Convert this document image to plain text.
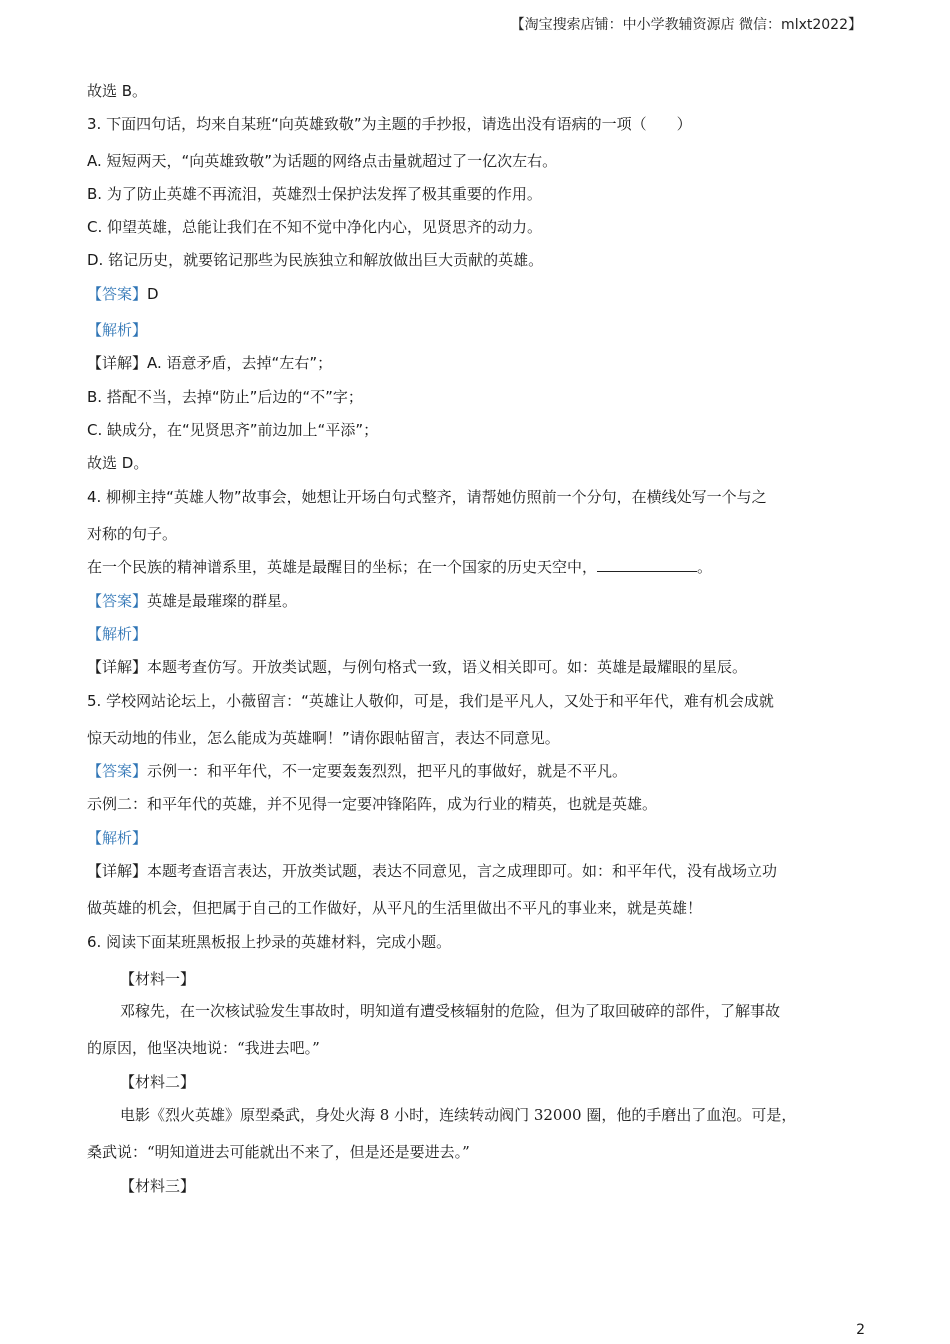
【淘宝搜索店铺：中小学教辅资源店 微信：mlxt2022】
故选 B。
3. 下面四句话，均来自某班“向英雄致敬”为主题的手抄报，请选出没有语病的一项（　　）
A. 短短两天，“向英雄致敬”为话题的网络点击量就超过了一亿次左右。
B. 为了防止英雄不再流泪，英雄烈士保护法发挥了极其重要的作用。
C. 仰望英雄，总能让我们在不知不觉中净化内心，见贤思齐的动力。
D. 铭记历史，就要铭记那些为民族独立和解放做出巨大贡献的英雄。
【答案】D
【解析】
【详解】A. 语意矛盾，去掉“左右”；
B. 搭配不当，去掉“防止”后边的“不”字；
C. 缺成分，在“见贤思齐”前边加上“平添”；
故选 D。
4. 柳柳主持“英雄人物”故事会，她想让开场白句式整齐，请帮她仿照前一个分句，在横线处写一个与之
对称的句子。
在一个民族的精神谱系里，英雄是最醒目的坐标；在一个国家的历史天空中，	。
【答案】英雄是最璀璨的群星。
【解析】
【详解】本题考查仿写。开放类试题，与例句格式一致，语义相关即可。如：英雄是最耀眼的星辰。
5. 学校网站论坛上，小薇留言：“英雄让人敬仰，可是，我们是平凡人，又处于和平年代，难有机会成就
惊天动地的伟业，怎么能成为英雄啊！”请你跟帖留言，表达不同意见。
【答案】示例一：和平年代，不一定要轰轰烈烈，把平凡的事做好，就是不平凡。
示例二：和平年代的英雄，并不见得一定要冲锋陷阵，成为行业的精英，也就是英雄。
【解析】
【详解】本题考查语言表达，开放类试题，表达不同意见，言之成理即可。如：和平年代，没有战场立功
做英雄的机会，但把属于自己的工作做好，从平凡的生活里做出不平凡的事业来，就是英雄！
6. 阅读下面某班黑板报上抄录的英雄材料，完成小题。
【材料一】
邓稼先，在一次核试验发生事故时，明知道有遭受核辐射的危险，但为了取回破碎的部件，了解事故
的原因，他坚决地说：“我进去吧。”
【材料二】
电影《烈火英雄》原型桑武，身处火海 8 小时，连续转动阀门 32000 圈，他的手磨出了血泡。可是，
桑武说：“明知道进去可能就出不来了，但是还是要进去。”
【材料三】
2
